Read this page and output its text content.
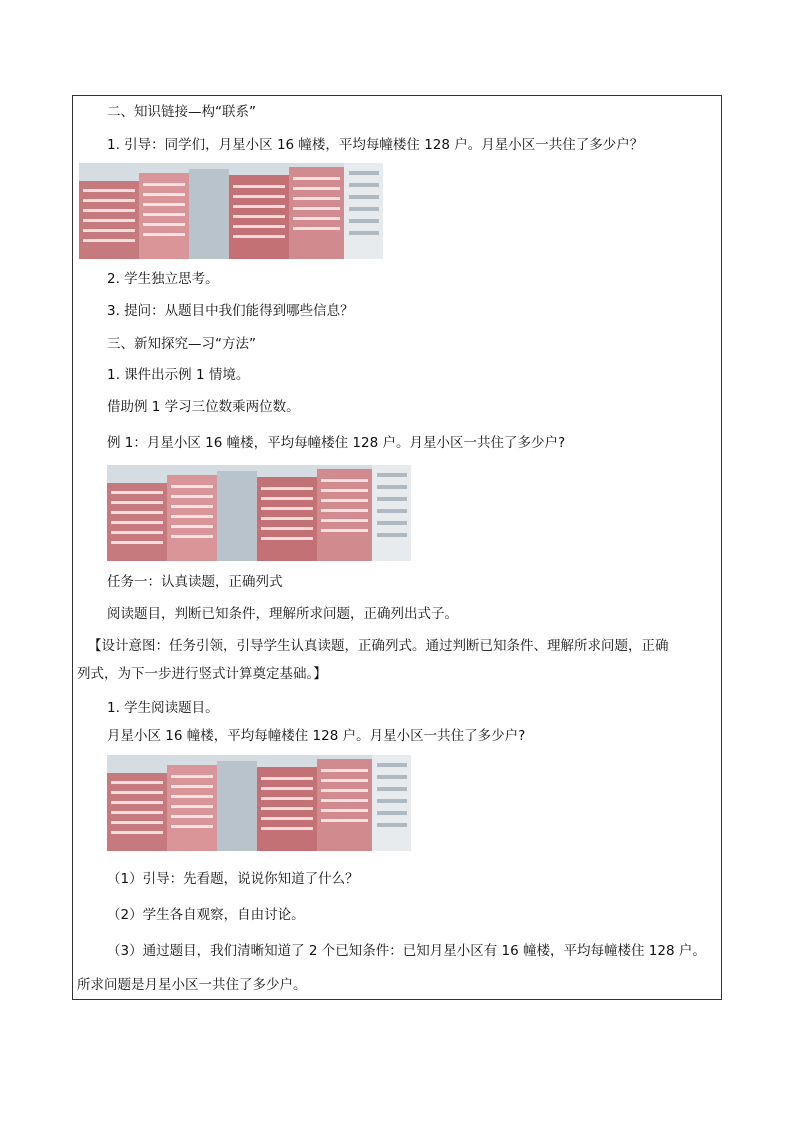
二、知识链接—构“联系”
1. 引导：同学们，月星小区 16 幢楼，平均每幢楼住 128 户。月星小区一共住了多少户？
2. 学生独立思考。
3. 提问：从题目中我们能得到哪些信息？
三、新知探究—习“方法”
1. 课件出示例 1 情境。
借助例 1 学习三位数乘两位数。
例 1：月星小区 16 幢楼，平均每幢楼住 128 户。月星小区一共住了多少户?
任务一：认真读题，正确列式
阅读题目，判断已知条件，理解所求问题，正确列出式子。
【设计意图：任务引领，引导学生认真读题，正确列式。通过判断已知条件、理解所求问题，正确
列式，为下一步进行竖式计算奠定基础。】
1. 学生阅读题目。
月星小区 16 幢楼，平均每幢楼住 128 户。月星小区一共住了多少户?
（1）引导：先看题，说说你知道了什么？
（2）学生各自观察，自由讨论。
（3）通过题目，我们清晰知道了 2 个已知条件：已知月星小区有 16 幢楼，平均每幢楼住 128 户。
所求问题是月星小区一共住了多少户。
